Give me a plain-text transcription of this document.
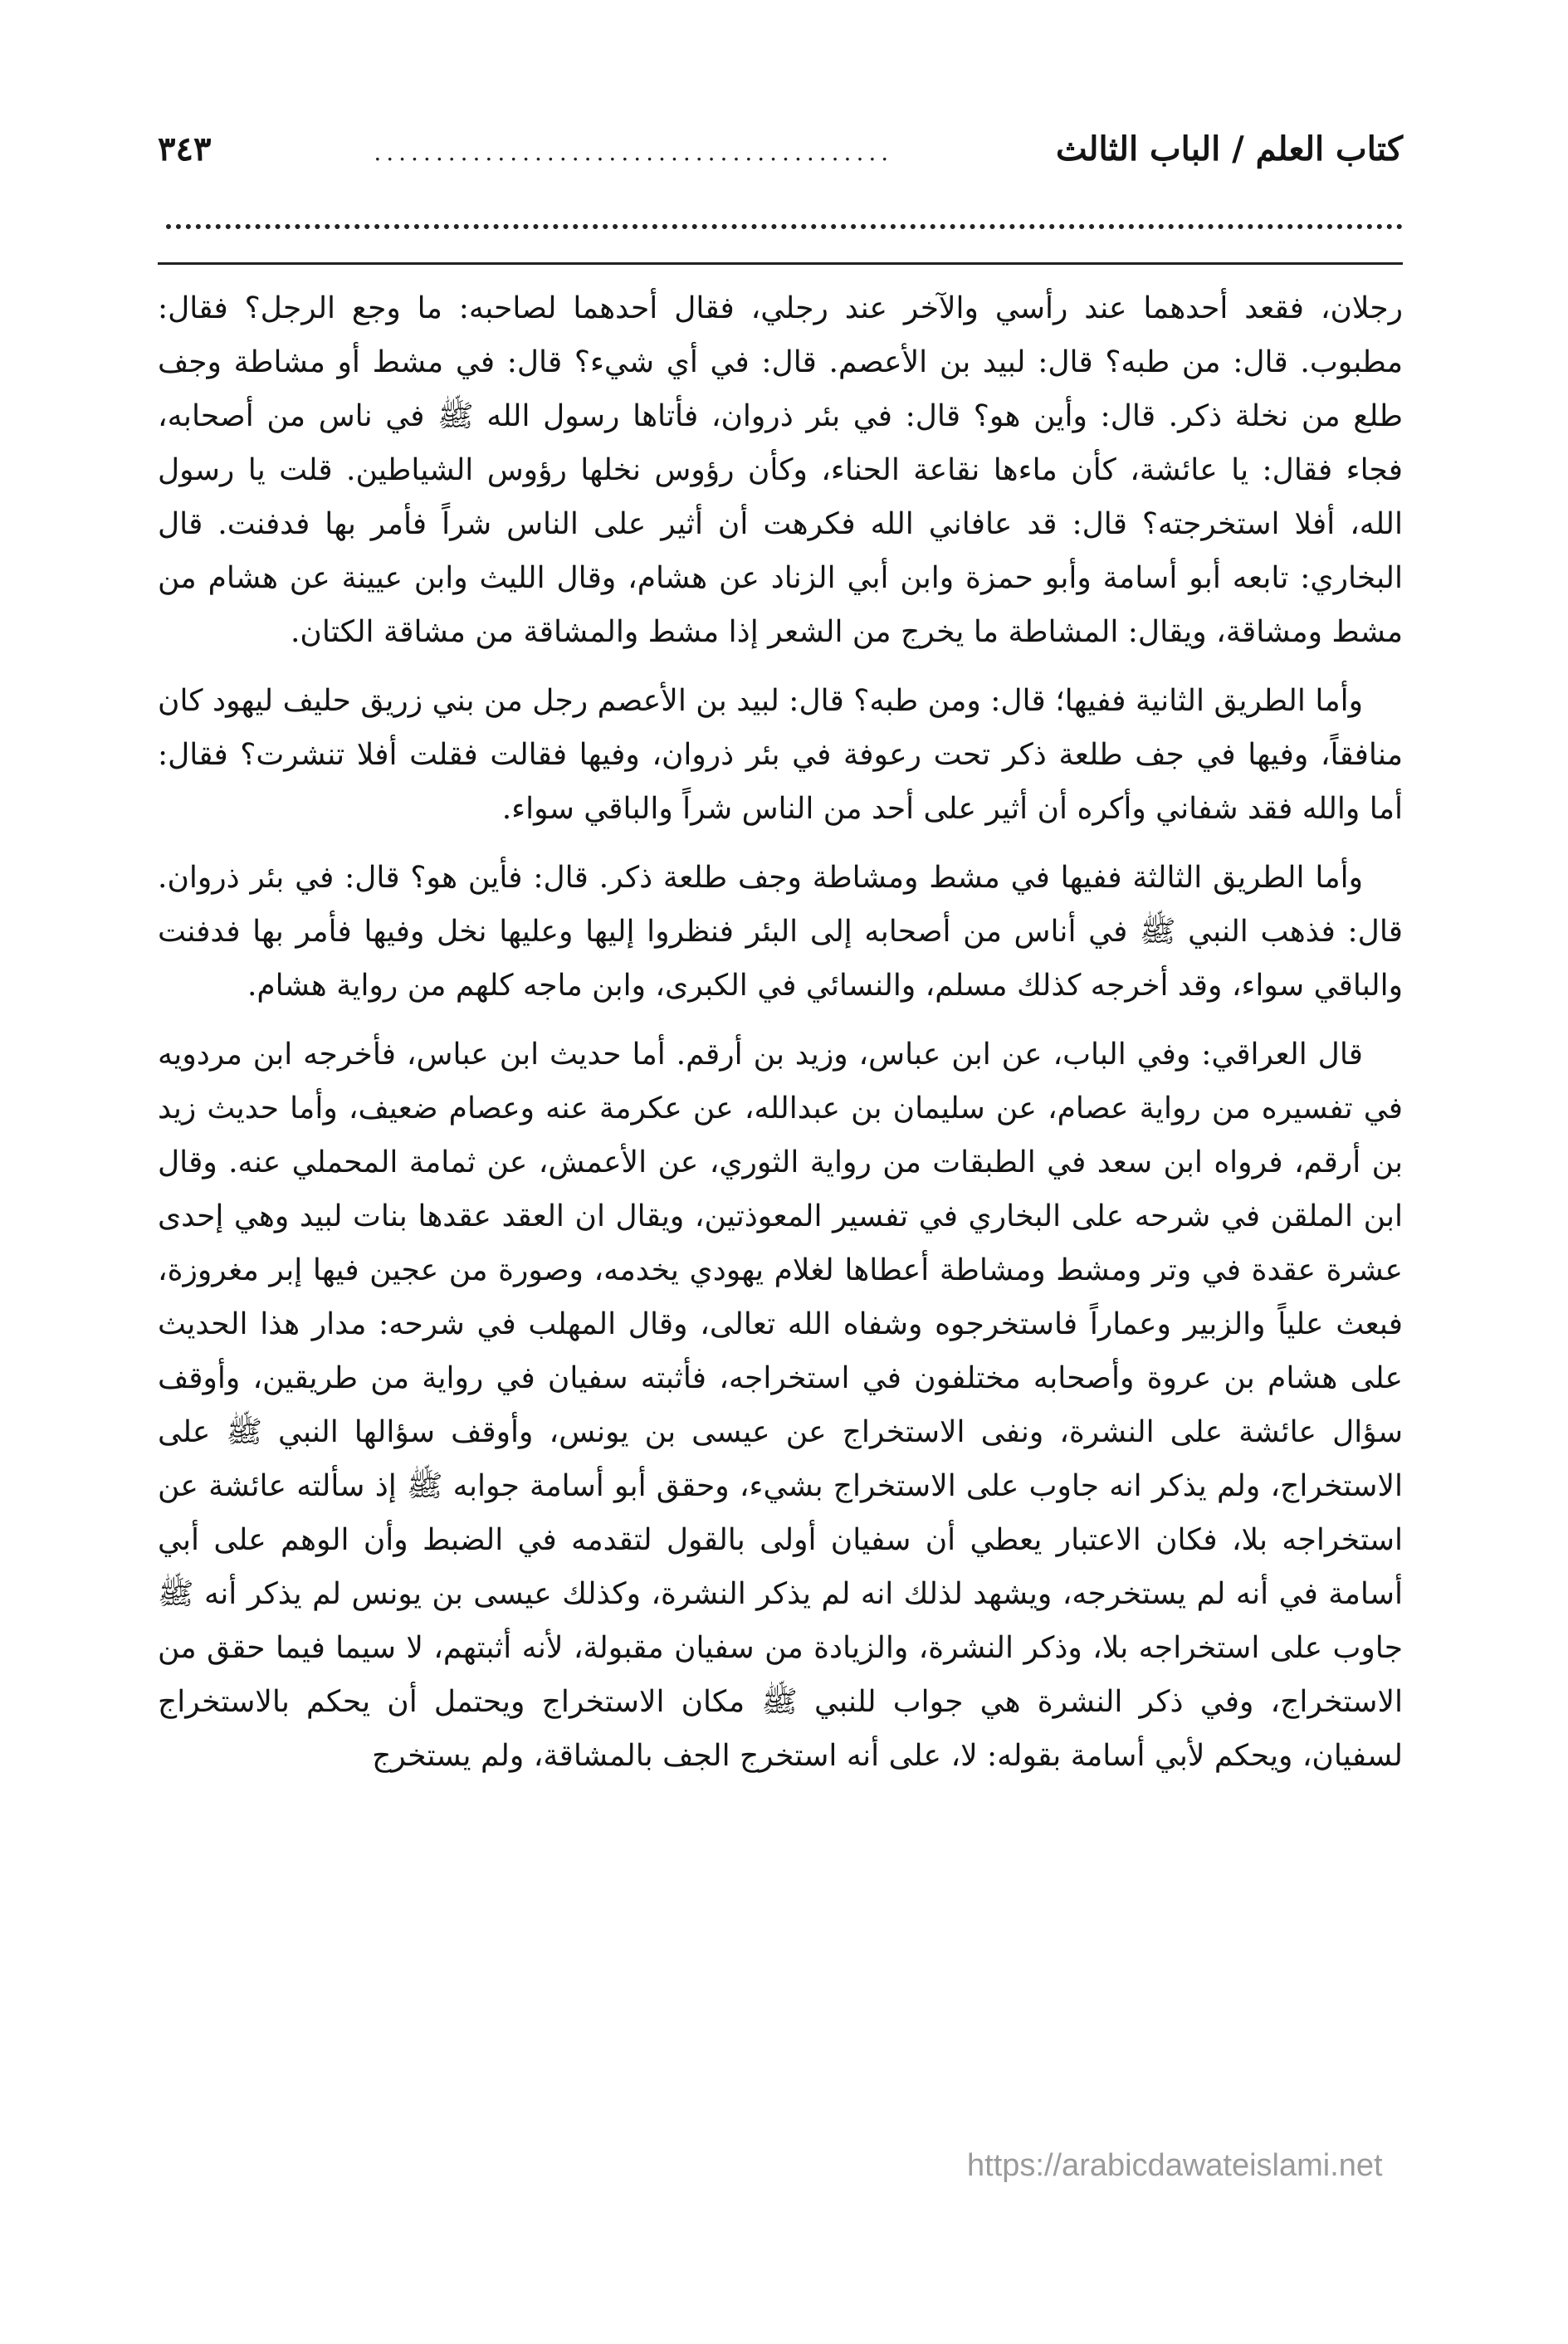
كتاب العلم / الباب الثالث
..........................................
٣٤٣

رجلان، فقعد أحدهما عند رأسي والآخر عند رجلي، فقال أحدهما لصاحبه: ما وجع الرجل؟ فقال: مطبوب. قال: من طبه؟ قال: لبيد بن الأعصم. قال: في أي شيء؟ قال: في مشط أو مشاطة وجف طلع من نخلة ذكر. قال: وأين هو؟ قال: في بئر ذروان، فأتاها رسول الله ﷺ في ناس من أصحابه، فجاء فقال: يا عائشة، كأن ماءها نقاعة الحناء، وكأن رؤوس نخلها رؤوس الشياطين. قلت يا رسول الله، أفلا استخرجته؟ قال: قد عافاني الله فكرهت أن أثير على الناس شراً فأمر بها فدفنت. قال البخاري: تابعه أبو أسامة وأبو حمزة وابن أبي الزناد عن هشام، وقال الليث وابن عيينة عن هشام من مشط ومشاقة، ويقال: المشاطة ما يخرج من الشعر إذا مشط والمشاقة من مشاقة الكتان.

وأما الطريق الثانية ففيها؛ قال: ومن طبه؟ قال: لبيد بن الأعصم رجل من بني زريق حليف ليهود كان منافقاً، وفيها في جف طلعة ذكر تحت رعوفة في بئر ذروان، وفيها فقالت فقلت أفلا تنشرت؟ فقال: أما والله فقد شفاني وأكره أن أثير على أحد من الناس شراً والباقي سواء.

وأما الطريق الثالثة ففيها في مشط ومشاطة وجف طلعة ذكر. قال: فأين هو؟ قال: في بئر ذروان. قال: فذهب النبي ﷺ في أناس من أصحابه إلى البئر فنظروا إليها وعليها نخل وفيها فأمر بها فدفنت والباقي سواء، وقد أخرجه كذلك مسلم، والنسائي في الكبرى، وابن ماجه كلهم من رواية هشام.

قال العراقي: وفي الباب، عن ابن عباس، وزيد بن أرقم. أما حديث ابن عباس، فأخرجه ابن مردويه في تفسيره من رواية عصام، عن سليمان بن عبدالله، عن عكرمة عنه وعصام ضعيف، وأما حديث زيد بن أرقم، فرواه ابن سعد في الطبقات من رواية الثوري، عن الأعمش، عن ثمامة المحملي عنه. وقال ابن الملقن في شرحه على البخاري في تفسير المعوذتين، ويقال ان العقد عقدها بنات لبيد وهي إحدى عشرة عقدة في وتر ومشط ومشاطة أعطاها لغلام يهودي يخدمه، وصورة من عجين فيها إبر مغروزة، فبعث علياً والزبير وعماراً فاستخرجوه وشفاه الله تعالى، وقال المهلب في شرحه: مدار هذا الحديث على هشام بن عروة وأصحابه مختلفون في استخراجه، فأثبته سفيان في رواية من طريقين، وأوقف سؤال عائشة على النشرة، ونفى الاستخراج عن عيسى بن يونس، وأوقف سؤالها النبي ﷺ على الاستخراج، ولم يذكر انه جاوب على الاستخراج بشيء، وحقق أبو أسامة جوابه ﷺ إذ سألته عائشة عن استخراجه بلا، فكان الاعتبار يعطي أن سفيان أولى بالقول لتقدمه في الضبط وأن الوهم على أبي أسامة في أنه لم يستخرجه، ويشهد لذلك انه لم يذكر النشرة، وكذلك عيسى بن يونس لم يذكر أنه ﷺ جاوب على استخراجه بلا، وذكر النشرة، والزيادة من سفيان مقبولة، لأنه أثبتهم، لا سيما فيما حقق من الاستخراج، وفي ذكر النشرة هي جواب للنبي ﷺ مكان الاستخراج ويحتمل أن يحكم بالاستخراج لسفيان، ويحكم لأبي أسامة بقوله: لا، على أنه استخرج الجف بالمشاقة، ولم يستخرج

https://arabicdawateislami.net
